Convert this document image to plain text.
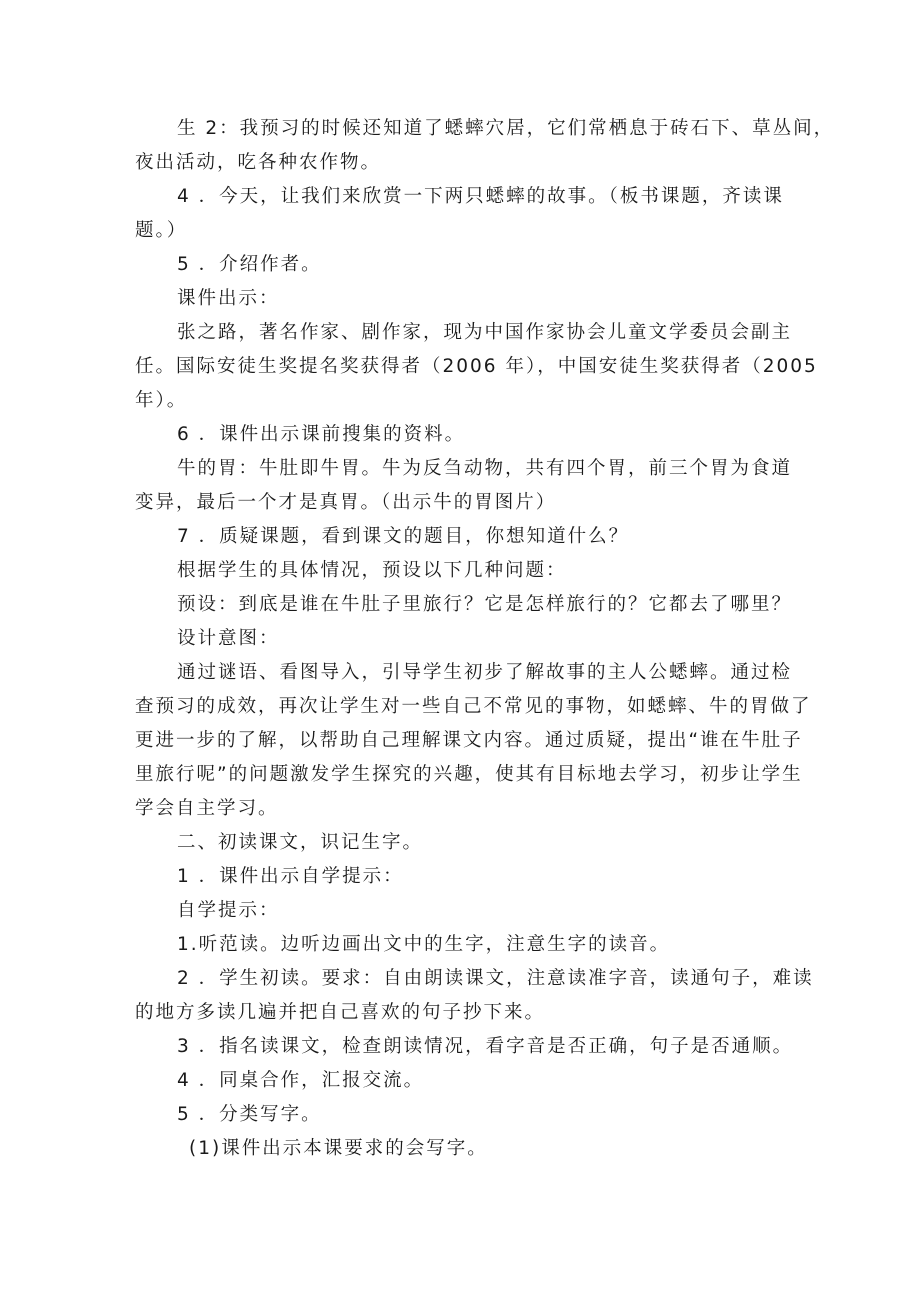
生 2：我预习的时候还知道了蟋蟀穴居，它们常栖息于砖石下、草丛间，

夜出活动，吃各种农作物。

4 ．今天，让我们来欣赏一下两只蟋蟀的故事。（板书课题，齐读课

题。）

5 ．介绍作者。

课件出示：

张之路，著名作家、剧作家，现为中国作家协会儿童文学委员会副主

任。国际安徒生奖提名奖获得者（2006 年），中国安徒生奖获得者（2005

年）。

6 ．课件出示课前搜集的资料。

牛的胃：牛肚即牛胃。牛为反刍动物，共有四个胃，前三个胃为食道

变异，最后一个才是真胃。（出示牛的胃图片）

7 ．质疑课题，看到课文的题目，你想知道什么？

根据学生的具体情况，预设以下几种问题：

预设：到底是谁在牛肚子里旅行？它是怎样旅行的？它都去了哪里？

设计意图：

通过谜语、看图导入，引导学生初步了解故事的主人公蟋蟀。通过检

查预习的成效，再次让学生对一些自己不常见的事物，如蟋蟀、牛的胃做了

更进一步的了解，以帮助自己理解课文内容。通过质疑，提出“谁在牛肚子

里旅行呢”的问题激发学生探究的兴趣，使其有目标地去学习，初步让学生

学会自主学习。

二、初读课文，识记生字。

1 ．课件出示自学提示：

自学提示：

1.听范读。边听边画出文中的生字，注意生字的读音。

2 ．学生初读。要求：自由朗读课文，注意读准字音，读通句子，难读

的地方多读几遍并把自己喜欢的句子抄下来。

3 ．指名读课文，检查朗读情况，看字音是否正确，句子是否通顺。

4 ．同桌合作，汇报交流。

5 ．分类写字。

(1)课件出示本课要求的会写字。
